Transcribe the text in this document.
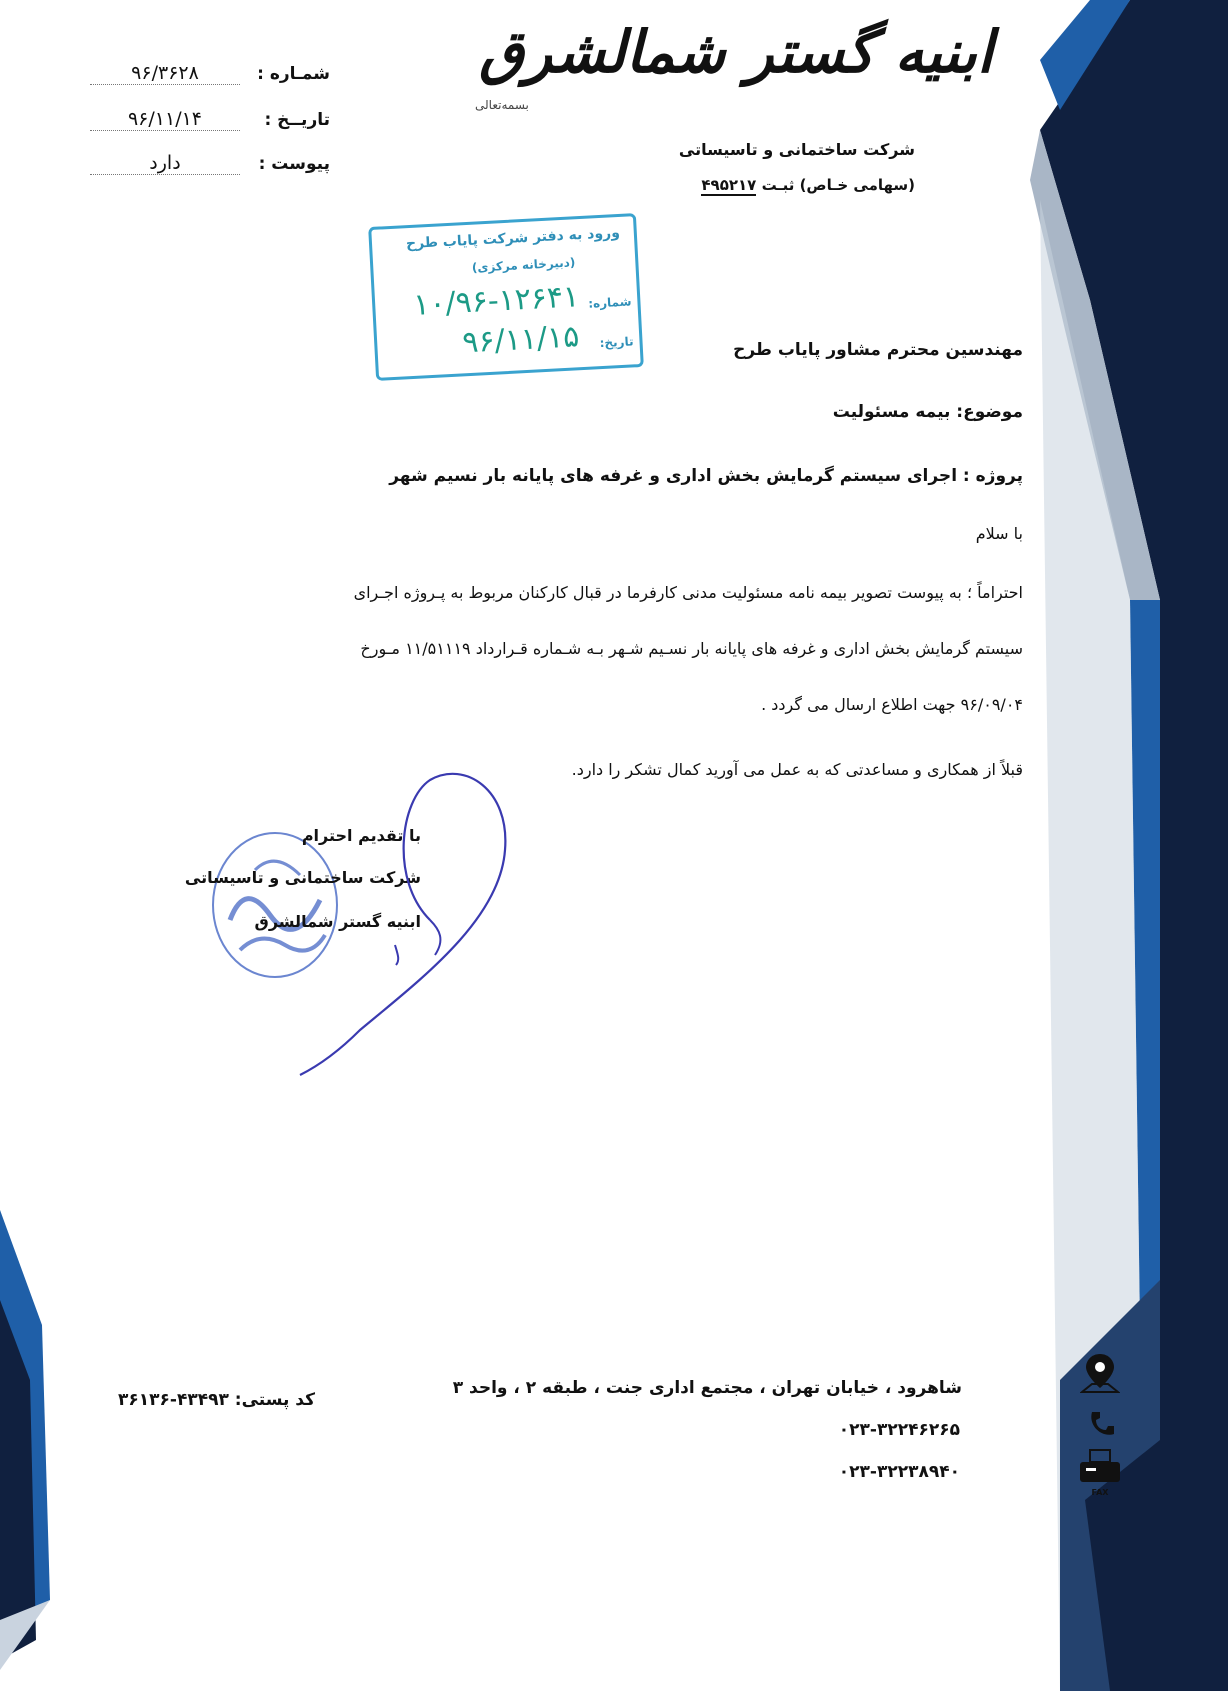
شمـاره :
۹۶/۳۶۲۸
تاریــخ :
۹۶/۱۱/۱۴
پیوست :
دارد
بسمه‌تعالی
ابنیه گستر شمالشرق
شرکت ساختمانی و تاسیساتی
(سهامی خـاص) ثبـت ۴۹۵۲۱۷
ورود به دفتر شرکت پایاب طرح
(دبیرخانه مرکزی)
شماره:
۱۰/۹۶-۱۲۶۴۱
تاریخ:
۹۶/۱۱/۱۵	مهندسین محترم مشاور پایاب طرح
موضوع: بیمه مسئولیت
پروژه : اجرای سیستم گرمایش بخش اداری و غرفه های پایانه بار نسیم شهر
با سلام
احتراماً ؛ به پیوست تصویر بیمه نامه مسئولیت مدنی کارفرما در قبال کارکنان مربوط به پـروژه اجـرای
سیستم گرمایش بخش اداری و غرفه های پایانه بار نسـیم شـهر بـه شـماره قـرارداد ۱۱/۵۱۱۱۹ مـورخ
۹۶/۰۹/۰۴ جهت اطلاع ارسال می گردد .
قبلاً از همکاری و مساعدتی که به عمل می آورید کمال تشکر را دارد.
با تقدیم احترام
شرکت ساختمانی و تاسیساتی
ابنیه گستر شمالشرق
شاهرود ، خیابان تهران ، مجتمع اداری جنت ، طبقه ۲ ، واحد ۳
کد پستی: ۴۳۴۹۳-۳۶۱۳۶
۰۲۳-۳۲۲۴۶۲۶۵
۰۲۳-۳۲۲۳۸۹۴۰
FAX
